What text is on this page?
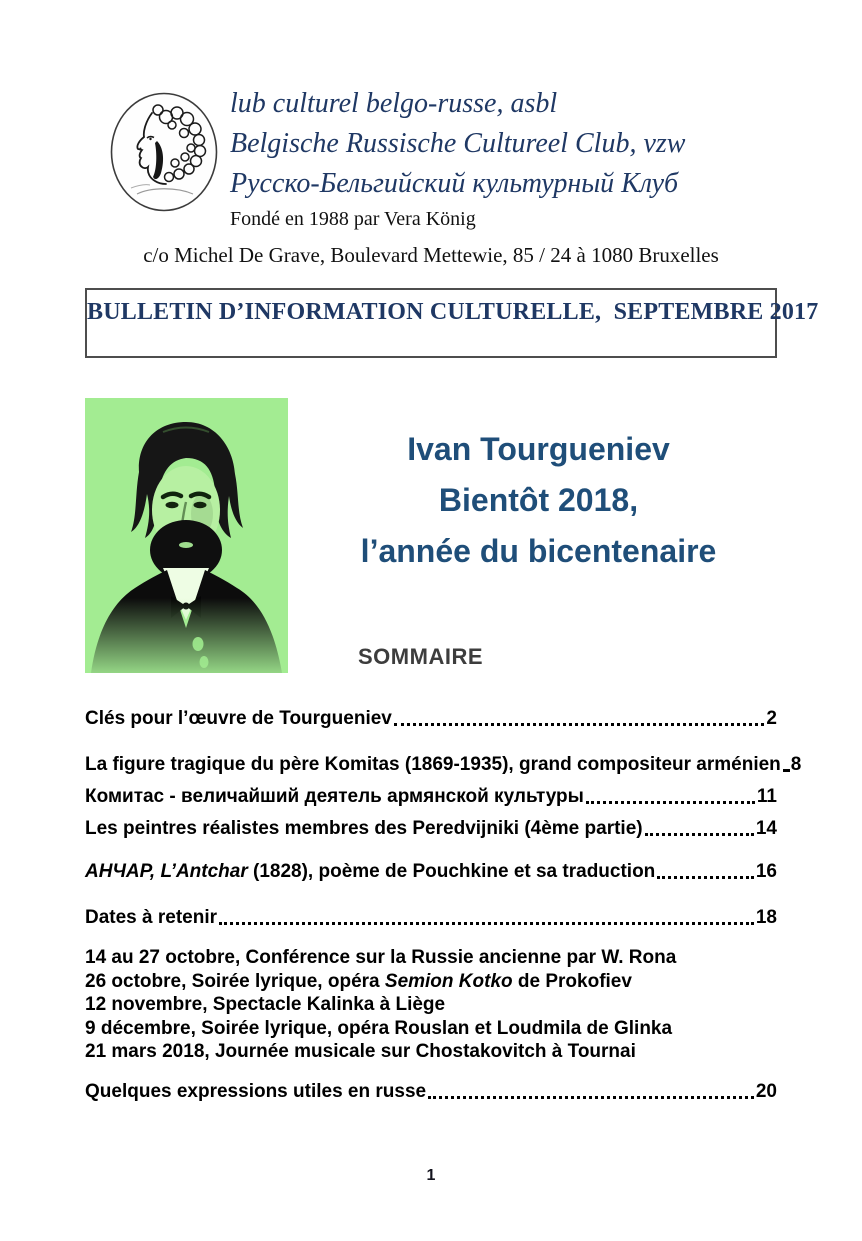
lub culturel belgo-russe, asbl
Belgische Russische Cultureel Club, vzw
Русско-Бельгийский культурный Клуб
Fondé en 1988 par Vera König
c/o Michel De Grave, Boulevard Mettewie, 85 / 24 à 1080 Bruxelles
BULLETIN D’INFORMATION CULTURELLE,  SEPTEMBRE 2017
Ivan Tourgueniev
Bientôt 2018,
l’année du bicentenaire
SOMMAIRE
Clés pour l’œuvre de Tourgueniev	2
La figure tragique du père Komitas (1869-1935), grand compositeur arménien 8
Комитас - величайший деятель армянской культуры	11
Les peintres réalistes membres des Peredvijniki (4ème partie)	14
АНЧАР, L’Antchar (1828), poème de Pouchkine et sa traduction	16
Dates à retenir	18
14 au 27 octobre, Conférence sur la Russie ancienne par W. Rona
26 octobre, Soirée lyrique, opéra Semion Kotko de Prokofiev
12 novembre, Spectacle Kalinka à Liège
9 décembre, Soirée lyrique, opéra Rouslan et Loudmila de Glinka
21 mars 2018, Journée musicale sur Chostakovitch à Tournai
Quelques expressions utiles en russe	20
1
